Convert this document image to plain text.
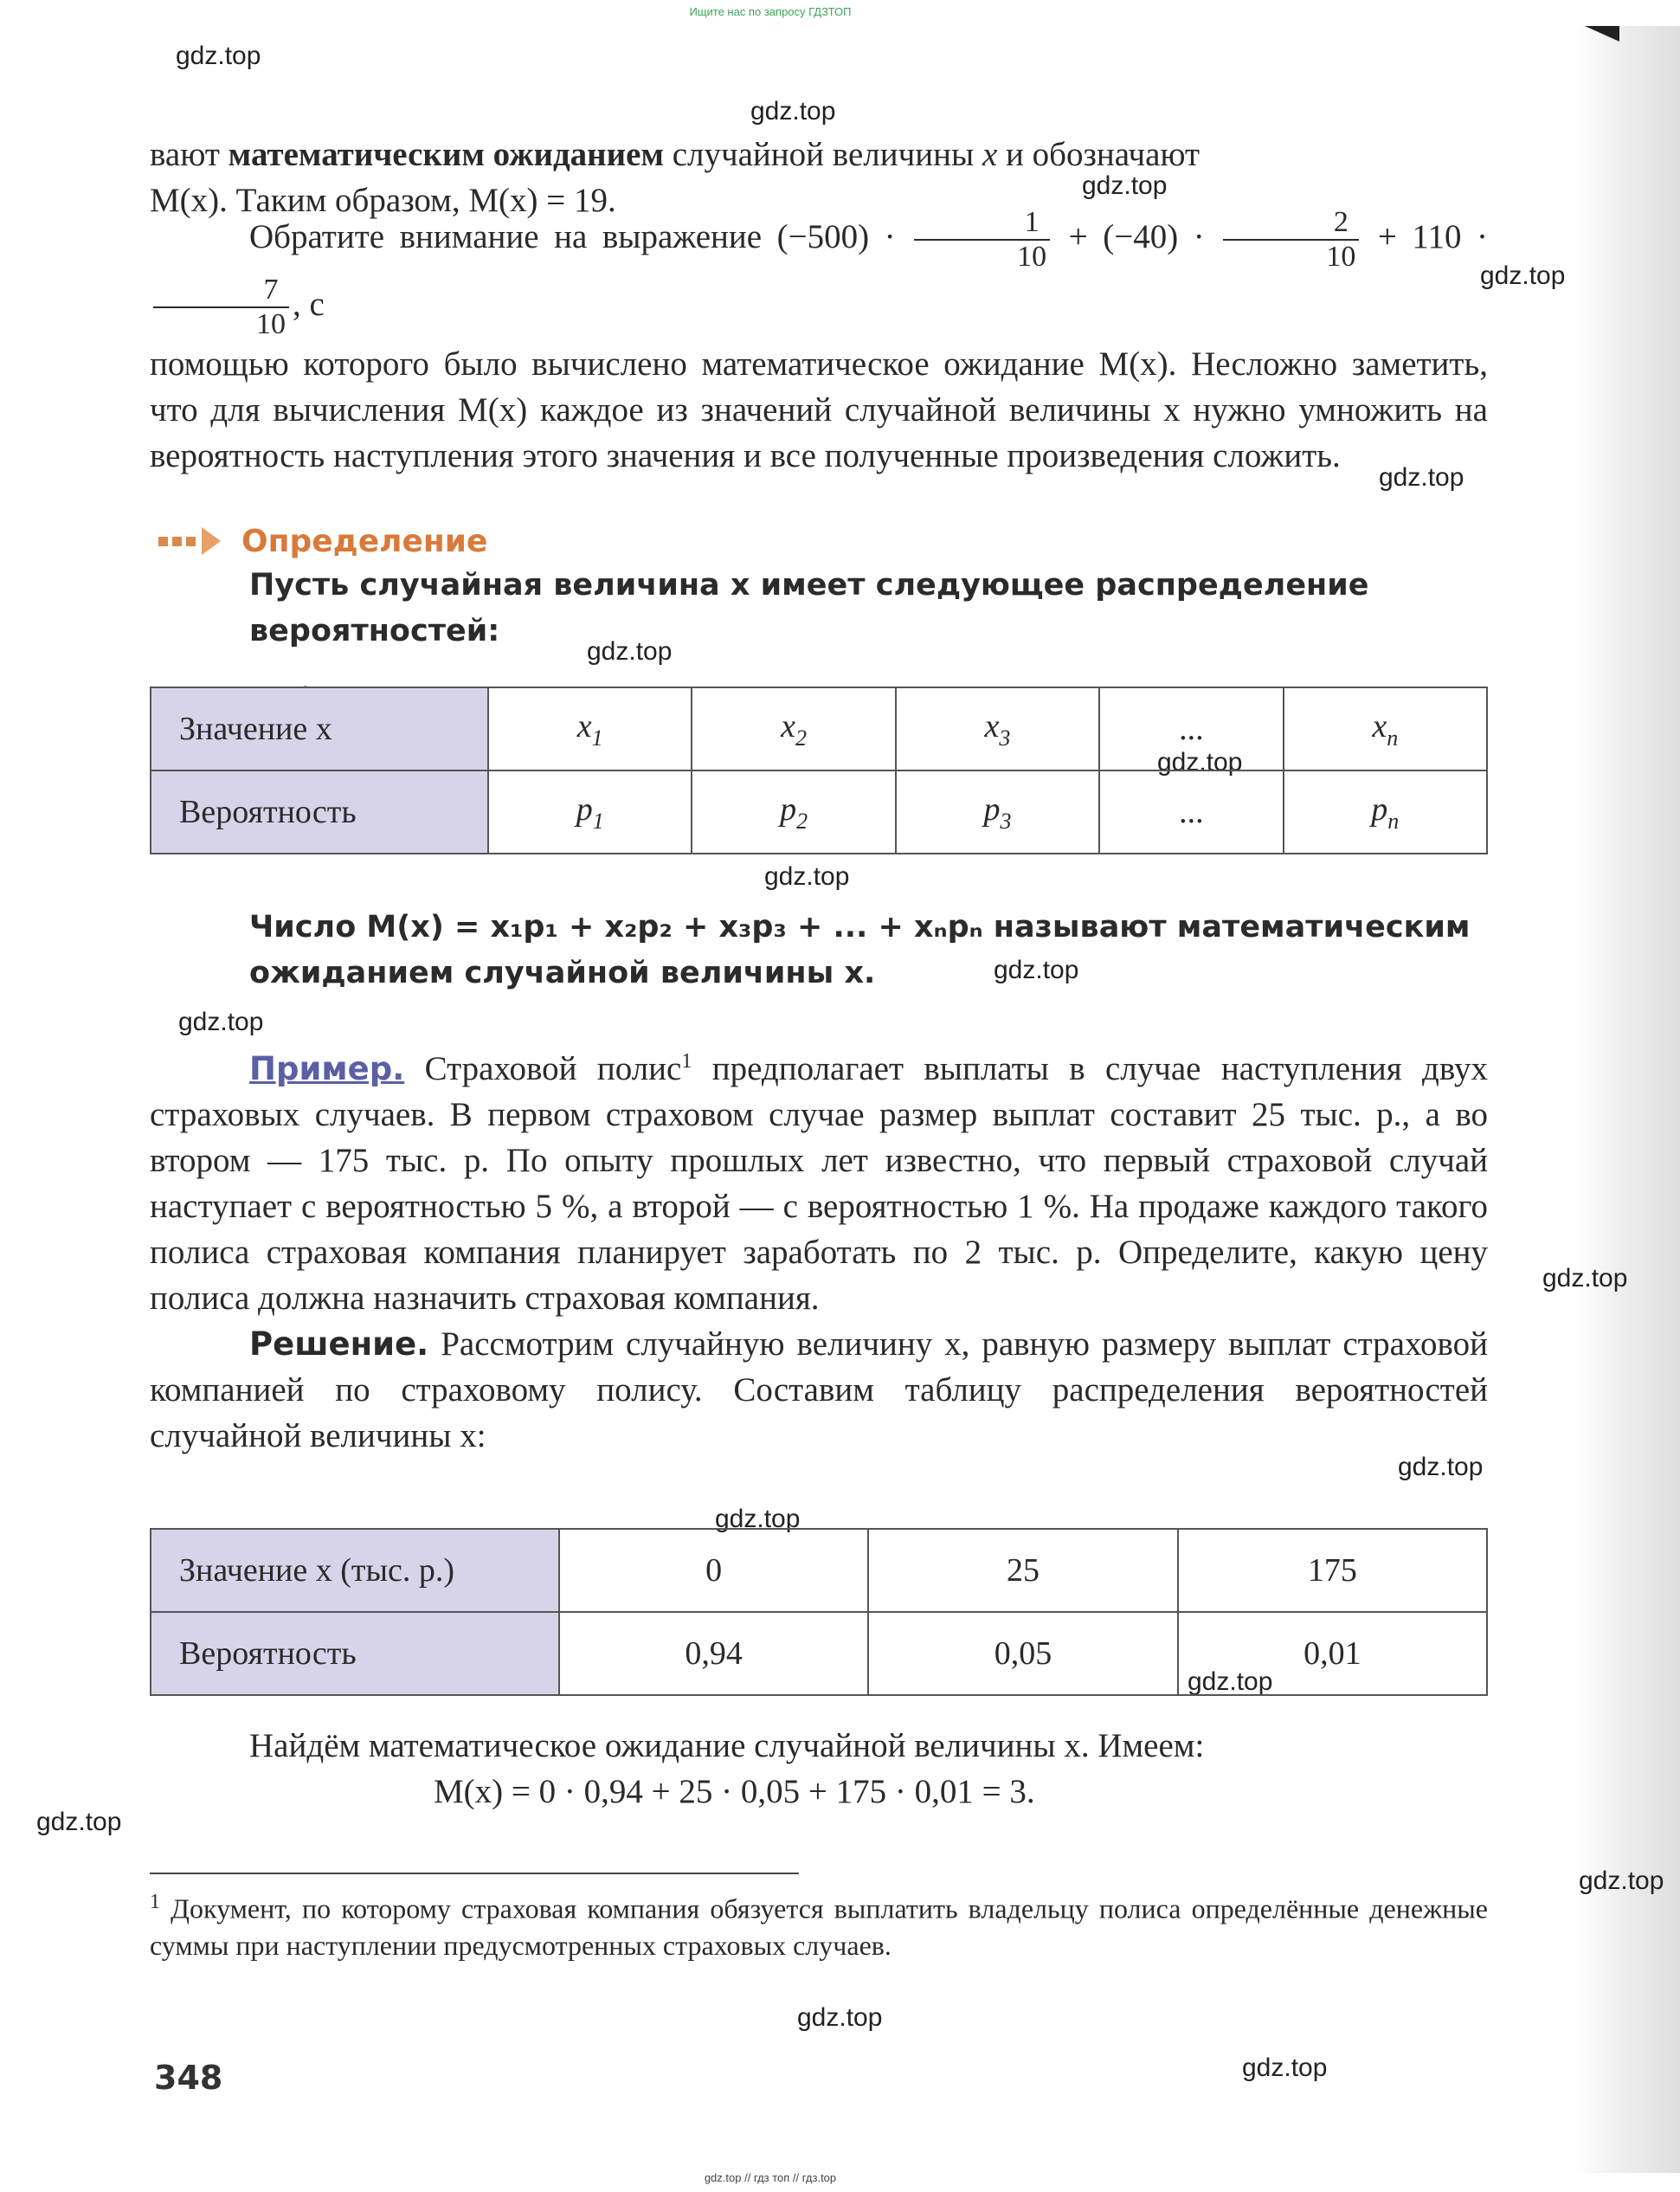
Ищите нас по запросу ГДЗТОП
gdz.top
gdz.top
gdz.top
gdz.top
gdz.top
gdz.top
gdz.top
gdz.top
gdz.top
gdz.top
gdz.top
gdz.top
gdz.top
gdz.top
gdz.top
gdz.top
gdz.top
gdz.top
вают математическим ожиданием случайной величины x и обозначают
M(x). Таким образом, M(x) = 19.
Обратите внимание на выражение $(-500) \cdot \frac{1}{10} + (-40) \cdot \frac{2}{10} + 110$ ·
$\frac{7}{10}$ , с
помощью которого было вычислено математическое ожидание M(x). Несложно заметить, что для вычисления M(x) каждое из значений случайной величины x нужно умножить на вероятность наступления этого значения и все полученные произведения сложить.
Определение
Пусть случайная величина x имеет следующее распределение вероятностей:
Значение x	$x_1$	$x_2$	$x_3$	...	$x_n$
Вероятность	$p_1$	$p_2$	$p_3$	...	$p_n$
Число M(x) = x₁p₁ + x₂p₂ + x₃p₃ + ... + xₙpₙ называют математическим
ожиданием случайной величины x.
Пример. Страховой полис$^1$ предполагает выплаты в случае наступления двух страховых случаев. В первом страховом случае размер выплат составит 25 тыс. р., а во втором — 175 тыс. р. По опыту прошлых лет известно, что первый страховой случай наступает с вероятностью 5 %, а второй — с вероятностью 1 %. На продаже каждого такого полиса страховая компания планирует заработать по 2 тыс. р. Определите, какую цену полиса должна назначить страховая компания.
Решение. Рассмотрим случайную величину x, равную размеру выплат страховой компанией по страховому полису. Составим таблицу распределения вероятностей случайной величины x:
Значение x (тыс. р.)	0	25	175
Вероятность	0,94	0,05	0,01
Найдём математическое ожидание случайной величины x. Имеем:
M(x) = 0 · 0,94 + 25 · 0,05 + 175 · 0,01 = 3.
$^1$ Документ, по которому страховая компания обязуется выплатить владельцу полиса определённые денежные суммы при наступлении предусмотренных страховых случаев.
348
gdz.top // гдз топ // гдз.top
